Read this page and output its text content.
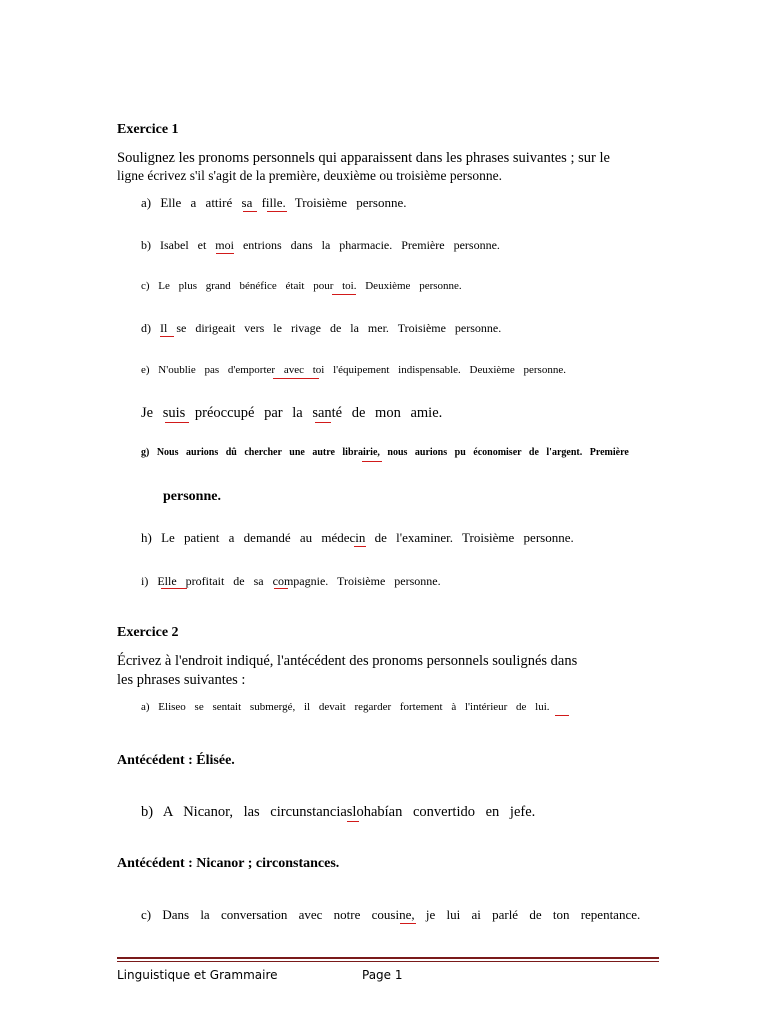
Exercice 1
Soulignez les pronoms personnels qui apparaissent dans les phrases suivantes ; sur le
ligne écrivez s'il s'agit de la première, deuxième ou troisième personne.
a) Elle a attiré sa fille. Troisième personne.
b) Isabel et moi entrions dans la pharmacie. Première personne.
c) Le plus grand bénéfice était pour toi. Deuxième personne.
d) Il se dirigeait vers le rivage de la mer. Troisième personne.
e) N'oublie pas d'emporter avec toi l'équipement indispensable. Deuxième personne.
Je suis préoccupé par la santé de mon amie.
g) Nous aurions dû chercher une autre librairie, nous aurions pu économiser de l'argent. Première
personne.
h) Le patient a demandé au médecin de l'examiner. Troisième personne.
i) Elle profitait de sa compagnie. Troisième personne.
Exercice 2
Écrivez à l'endroit indiqué, l'antécédent des pronoms personnels soulignés dans
les phrases suivantes :
a) Eliseo se sentait submergé, il devait regarder fortement à l'intérieur de lui.
Antécédent : Élisée.
b) A Nicanor, las circunstanciaslohabían convertido en jefe.
Antécédent : Nicanor ; circonstances.
c) Dans la conversation avec notre cousine, je lui ai parlé de ton repentance.
Linguistique et Grammaire	Page 1
